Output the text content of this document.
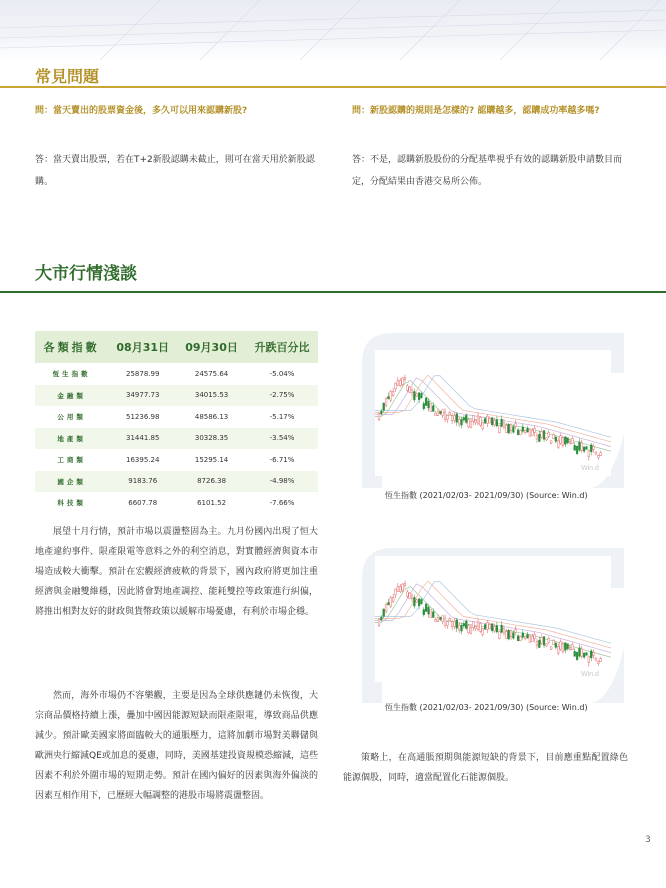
常見問題
問：當天賣出的股票資金後，多久可以用來認購新股?	問：新股認購的規則是怎樣的? 認購越多，認購成功率越多嗎?
答：當天賣出股票，若在T+2新股認購未截止，則可在當天用於新股認購。
答：不是，認購新股股份的分配基準視乎有效的認購新股申請數目而定，分配結果由香港交易所公佈。
大市行情淺談
各類指數	08月31日	09月30日	升跌百分比
恆生指數	25878.99	24575.64	-5.04%
金融類	34977.73	34015.53	-2.75%
公用類	51236.98	48586.13	-5.17%
地產類	31441.85	30328.35	-3.54%
工商類	16395.24	15295.14	-6.71%
國企類	9183.76	8726.38	-4.98%
科技類	6607.78	6101.52	-7.66%

展望十月行情，預計市場以震盪整固為主。九月份國內出現了恒大地產違約事件、限產限電等意料之外的利空消息，對實體經濟與資本市場造成較大衝擊。預計在宏觀經濟疲軟的背景下，國內政府將更加注重經濟與金融雙維穩，因此將會對地產調控、能耗雙控等政策進行糾偏，將推出相對友好的財政與貨幣政策以緩解市場憂慮，有利於市場企穩。

然而，海外市場仍不容樂觀，主要是因為全球供應鏈仍未恢復，大宗商品價格持續上漲，疊加中國因能源短缺而限產限電，導致商品供應減少。預計歐美國家將面臨較大的通脹壓力，這將加劇市場對美聯儲與歐洲央行縮減QE或加息的憂慮，同時，美國基建投資規模恐縮減，這些因素不利於外圍市場的短期走勢。預計在國內偏好的因素與海外偏淡的因素互相作用下，已歷經大幅調整的港股市場將震盪整固。

Win.d
恆生指數 (2021/02/03- 2021/09/30) (Source: Win.d)
Win.d
恆生指數 (2021/02/03- 2021/09/30) (Source: Win.d)

策略上，在高通脹預期與能源短缺的背景下，目前應重點配置綠色能源個股，同時，適當配置化石能源個股。

3
